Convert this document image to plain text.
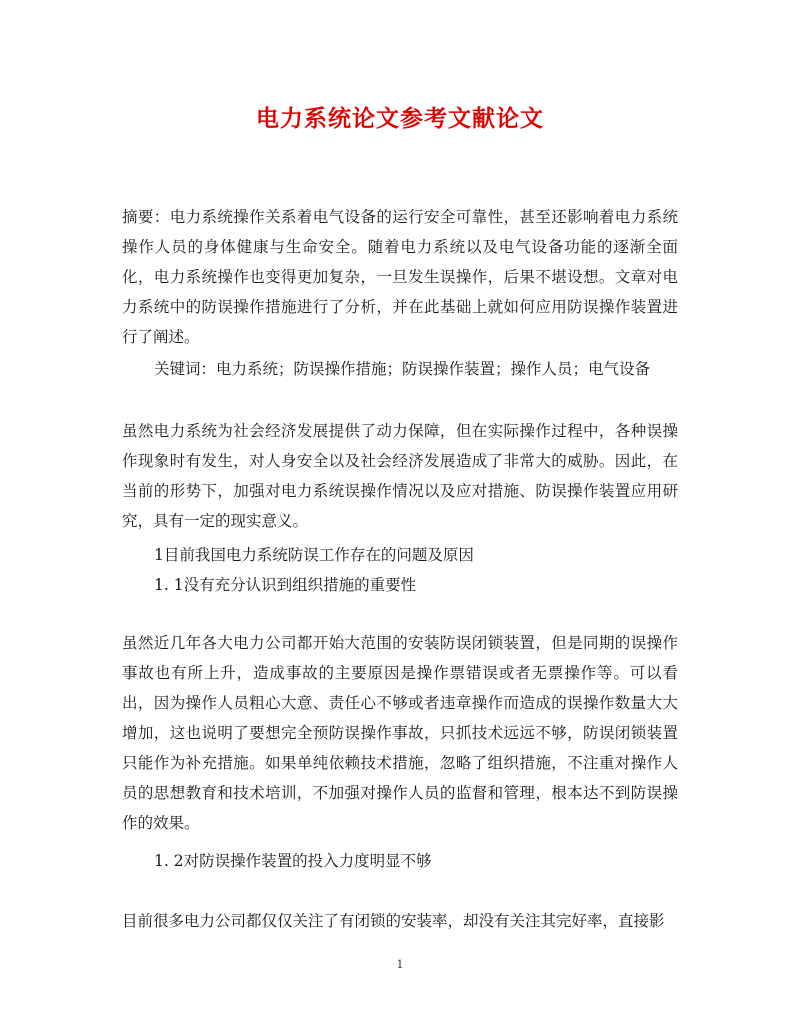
电力系统论文参考文献论文
摘要：电力系统操作关系着电气设备的运行安全可靠性，甚至还影响着电力系统操作人员的身体健康与生命安全。随着电力系统以及电气设备功能的逐渐全面化，电力系统操作也变得更加复杂，一旦发生误操作，后果不堪设想。文章对电力系统中的防误操作措施进行了分析，并在此基础上就如何应用防误操作装置进行了阐述。
关键词：电力系统；防误操作措施；防误操作装置；操作人员；电气设备
虽然电力系统为社会经济发展提供了动力保障，但在实际操作过程中，各种误操作现象时有发生，对人身安全以及社会经济发展造成了非常大的威胁。因此，在当前的形势下，加强对电力系统误操作情况以及应对措施、防误操作装置应用研究，具有一定的现实意义。
1目前我国电力系统防误工作存在的问题及原因
1. 1没有充分认识到组织措施的重要性
虽然近几年各大电力公司都开始大范围的安装防误闭锁装置，但是同期的误操作事故也有所上升，造成事故的主要原因是操作票错误或者无票操作等。可以看出，因为操作人员粗心大意、责任心不够或者违章操作而造成的误操作数量大大增加，这也说明了要想完全预防误操作事故，只抓技术远远不够，防误闭锁装置只能作为补充措施。如果单纯依赖技术措施，忽略了组织措施，不注重对操作人员的思想教育和技术培训，不加强对操作人员的监督和管理，根本达不到防误操作的效果。
1. 2对防误操作装置的投入力度明显不够
目前很多电力公司都仅仅关注了有闭锁的安装率，却没有关注其完好率，直接影
1
